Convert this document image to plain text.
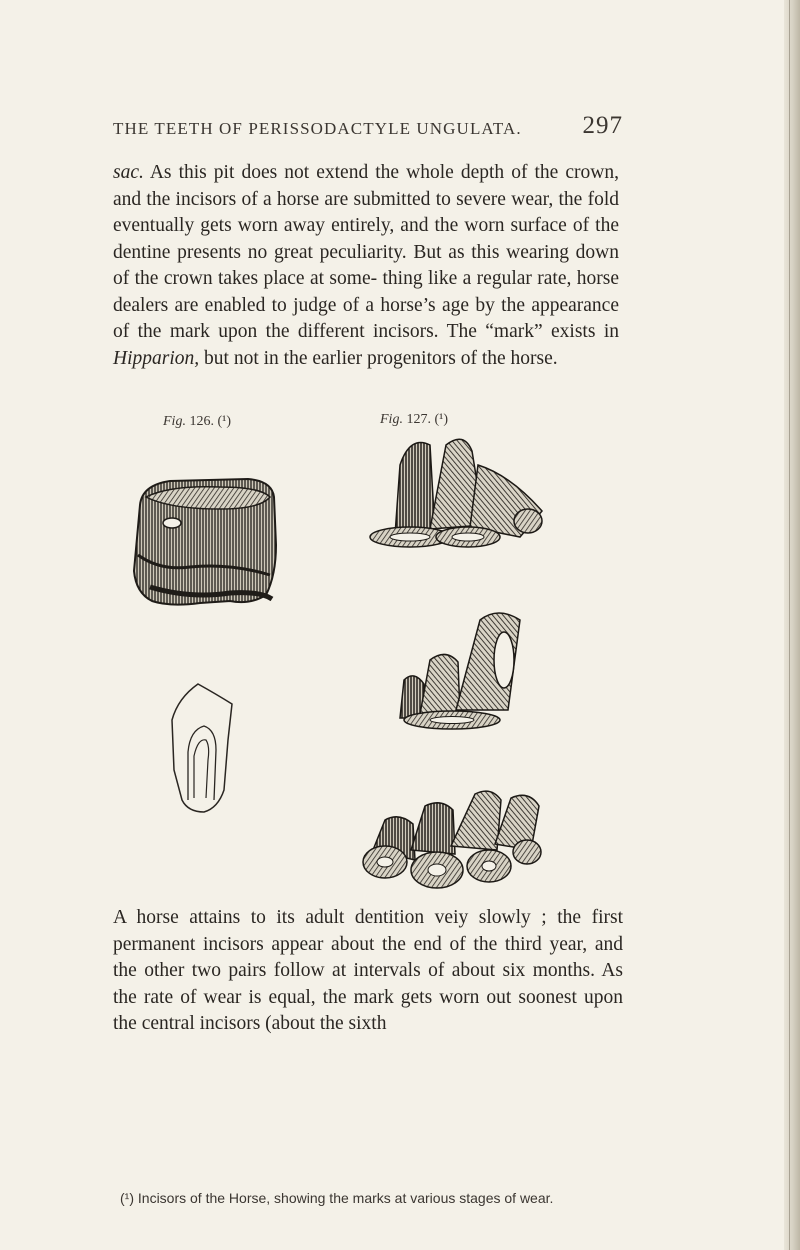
THE TEETH OF PERISSODACTYLE UNGULATA. 297

sac. As this pit does not extend the whole depth of the crown, and the incisors of a horse are submitted to severe wear, the fold eventually gets worn away entirely, and the worn surface of the dentine presents no great peculiarity. But as this wearing down of the crown takes place at some- thing like a regular rate, horse dealers are enabled to judge of a horse’s age by the appearance of the mark upon the different incisors. The “mark” exists in Hipparion, but not in the earlier progenitors of the horse.

Fig. 126. (¹)	Fig. 127. (¹)

A horse attains to its adult dentition veiy slowly ; the first permanent incisors appear about the end of the third year, and the other two pairs follow at intervals of about six months. As the rate of wear is equal, the mark gets worn out soonest upon the central incisors (about the sixth

(¹) Incisors of the Horse, showing the marks at various stages of wear.
